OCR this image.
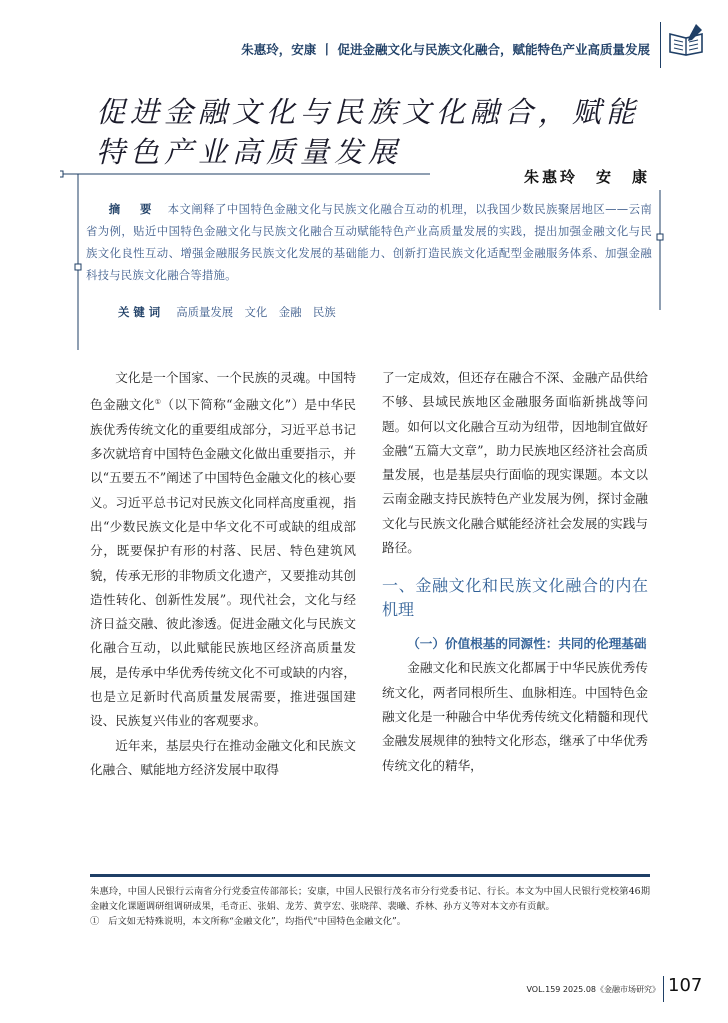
朱惠玲，安康 丨 促进金融文化与民族文化融合，赋能特色产业高质量发展
促进金融文化与民族文化融合，赋能特色产业高质量发展
朱惠玲　安　康
摘　要 本文阐释了中国特色金融文化与民族文化融合互动的机理，以我国少数民族聚居地区——云南省为例，贴近中国特色金融文化与民族文化融合互动赋能特色产业高质量发展的实践，提出加强金融文化与民族文化良性互动、增强金融服务民族文化发展的基础能力、创新打造民族文化适配型金融服务体系、加强金融科技与民族文化融合等措施。
关键词 高质量发展　文化　金融　民族

文化是一个国家、一个民族的灵魂。中国特色金融文化①（以下简称“金融文化”）是中华民族优秀传统文化的重要组成部分，习近平总书记多次就培育中国特色金融文化做出重要指示，并以“五要五不”阐述了中国特色金融文化的核心要义。习近平总书记对民族文化同样高度重视，指出“少数民族文化是中华文化不可或缺的组成部分，既要保护有形的村落、民居、特色建筑风貌，传承无形的非物质文化遗产，又要推动其创造性转化、创新性发展”。现代社会，文化与经济日益交融、彼此渗透。促进金融文化与民族文化融合互动，以此赋能民族地区经济高质量发展，是传承中华优秀传统文化不可或缺的内容，也是立足新时代高质量发展需要，推进强国建设、民族复兴伟业的客观要求。

近年来，基层央行在推动金融文化和民族文化融合、赋能地方经济发展中取得

了一定成效，但还存在融合不深、金融产品供给不够、县域民族地区金融服务面临新挑战等问题。如何以文化融合互动为纽带，因地制宜做好金融“五篇大文章”，助力民族地区经济社会高质量发展，也是基层央行面临的现实课题。本文以云南金融支持民族特色产业发展为例，探讨金融文化与民族文化融合赋能经济社会发展的实践与路径。

一、金融文化和民族文化融合的内在机理

（一）价值根基的同源性：共同的伦理基础

金融文化和民族文化都属于中华民族优秀传统文化，两者同根所生、血脉相连。中国特色金融文化是一种融合中华优秀传统文化精髓和现代金融发展规律的独特文化形态，继承了中华优秀传统文化的精华，

朱惠玲，中国人民银行云南省分行党委宣传部部长；安康，中国人民银行茂名市分行党委书记、行长。本文为中国人民银行党校第46期金融文化课题调研组调研成果，毛奇正、张娟、龙芳、黄亨宏、张晓萍、裴曦、乔林、孙方义等对本文亦有贡献。

① 后文如无特殊说明，本文所称“金融文化”，均指代“中国特色金融文化”。

VOL.159 2025.08《金融市场研究》 107
